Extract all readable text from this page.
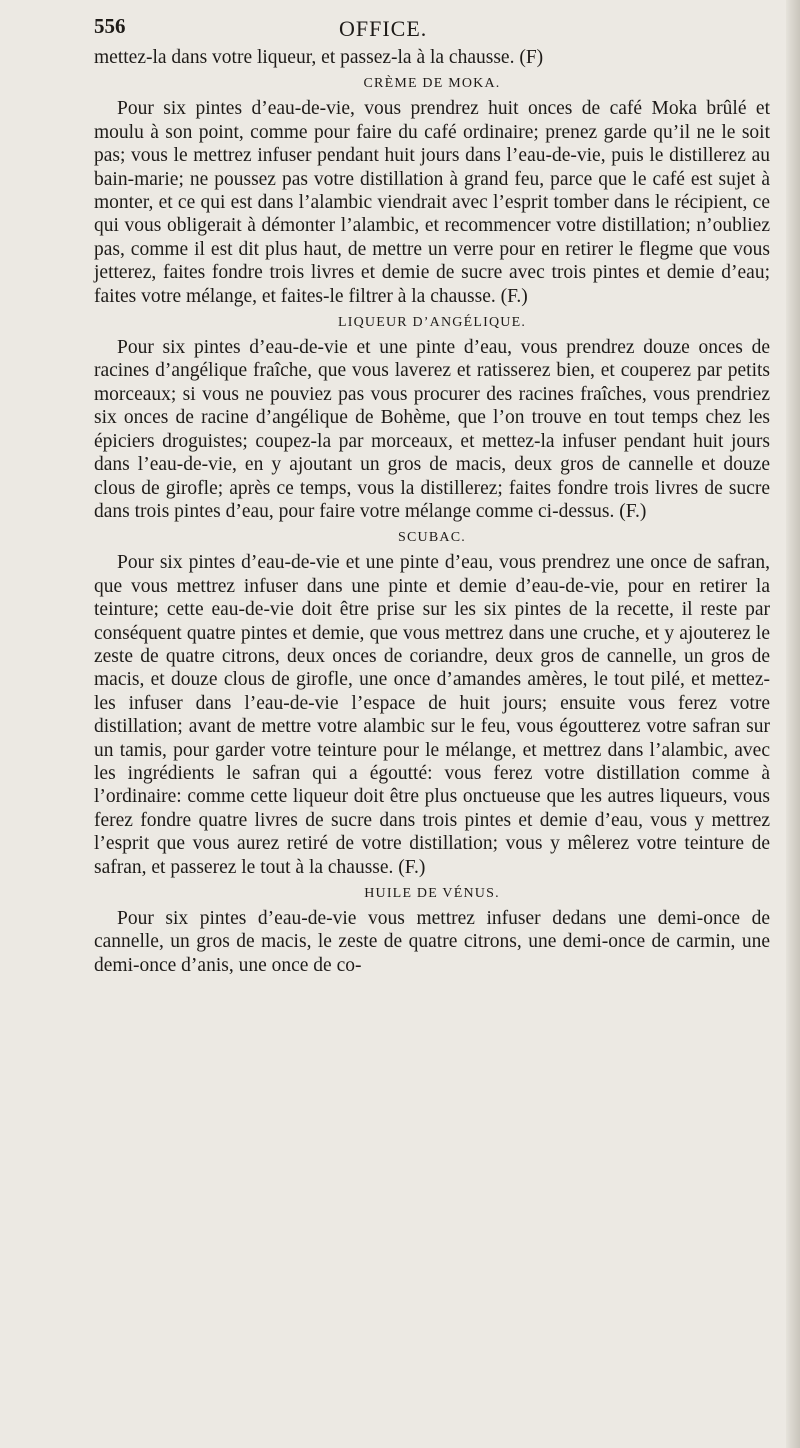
556	OFFICE.

mettez-la dans votre liqueur, et passez-la à la chausse. (F)

CRÈME DE MOKA.

Pour six pintes d’eau-de-vie, vous prendrez huit onces de café Moka brûlé et moulu à son point, comme pour faire du café ordinaire; prenez garde qu’il ne le soit pas; vous le mettrez infuser pendant huit jours dans l’eau-de-vie, puis le distillerez au bain-marie; ne poussez pas votre distillation à grand feu, parce que le café est sujet à monter, et ce qui est dans l’alambic viendrait avec l’esprit tomber dans le récipient, ce qui vous obligerait à démonter l’alambic, et recommencer votre distillation; n’oubliez pas, comme il est dit plus haut, de mettre un verre pour en retirer le flegme que vous jetterez, faites fondre trois livres et demie de sucre avec trois pintes et demie d’eau; faites votre mélange, et faites-le filtrer à la chausse. (F.)

LIQUEUR D’ANGÉLIQUE.

Pour six pintes d’eau-de-vie et une pinte d’eau, vous prendrez douze onces de racines d’angélique fraîche, que vous laverez et ratisserez bien, et couperez par petits morceaux; si vous ne pouviez pas vous procurer des racines fraîches, vous prendriez six onces de racine d’angélique de Bohème, que l’on trouve en tout temps chez les épiciers droguistes; coupez-la par morceaux, et mettez-la infuser pendant huit jours dans l’eau-de-vie, en y ajoutant un gros de macis, deux gros de cannelle et douze clous de girofle; après ce temps, vous la distillerez; faites fondre trois livres de sucre dans trois pintes d’eau, pour faire votre mélange comme ci-dessus. (F.)

SCUBAC.

Pour six pintes d’eau-de-vie et une pinte d’eau, vous prendrez une once de safran, que vous mettrez infuser dans une pinte et demie d’eau-de-vie, pour en retirer la teinture; cette eau-de-vie doit être prise sur les six pintes de la recette, il reste par conséquent quatre pintes et demie, que vous mettrez dans une cruche, et y ajouterez le zeste de quatre citrons, deux onces de coriandre, deux gros de cannelle, un gros de macis, et douze clous de girofle, une once d’amandes amères, le tout pilé, et mettez-les infuser dans l’eau-de-vie l’espace de huit jours; ensuite vous ferez votre distillation; avant de mettre votre alambic sur le feu, vous égoutterez votre safran sur un tamis, pour garder votre teinture pour le mélange, et mettrez dans l’alambic, avec les ingrédients le safran qui a égoutté: vous ferez votre distillation comme à l’ordinaire: comme cette liqueur doit être plus onctueuse que les autres liqueurs, vous ferez fondre quatre livres de sucre dans trois pintes et demie d’eau, vous y mettrez l’esprit que vous aurez retiré de votre distillation; vous y mêlerez votre teinture de safran, et passerez le tout à la chausse. (F.)

HUILE DE VÉNUS.

Pour six pintes d’eau-de-vie vous mettrez infuser dedans une demi-once de cannelle, un gros de macis, le zeste de quatre citrons, une demi-once de carmin, une demi-once d’anis, une once de co-
